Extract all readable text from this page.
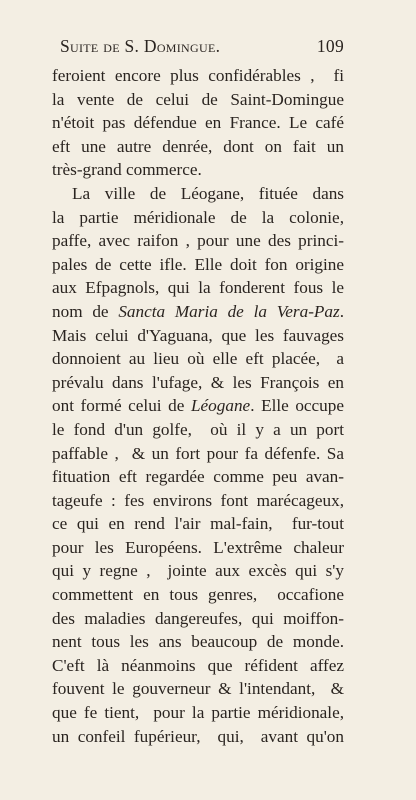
Suite de S. Domingue.	109
feroient encore plus confidérables ,  fi
la vente de celui de Saint-Domingue
n'étoit pas défendue en France. Le café
eft une autre denrée, dont on fait un
très-grand commerce.
La ville de Léogane, fituée dans
la partie méridionale de la colonie,
paffe, avec raifon , pour une des princi-
pales de cette ifle. Elle doit fon origine
aux Efpagnols, qui la fonderent fous le
nom de Sancta Maria de la Vera-Paz.
Mais celui d'Yaguana, que les fauvages
donnoient au lieu où elle eft placée,  a
prévalu dans l'ufage, & les François en
ont formé celui de Léogane. Elle occupe
le fond d'un golfe,  où il y a un port
paffable ,  & un fort pour fa défenfe. Sa
fituation eft regardée comme peu avan-
tageufe : fes environs font marécageux,
ce qui en rend l'air mal-fain,  fur-tout
pour les Européens. L'extrême chaleur
qui y regne ,  jointe aux excès qui s'y
commettent en tous genres,  occafione
des maladies dangereufes, qui moiffon-
nent tous les ans beaucoup de monde.
C'eft là néanmoins que réfident affez
fouvent le gouverneur & l'intendant,  &
que fe tient,  pour la partie méridionale,
un confeil fupérieur,  qui,  avant qu'on
